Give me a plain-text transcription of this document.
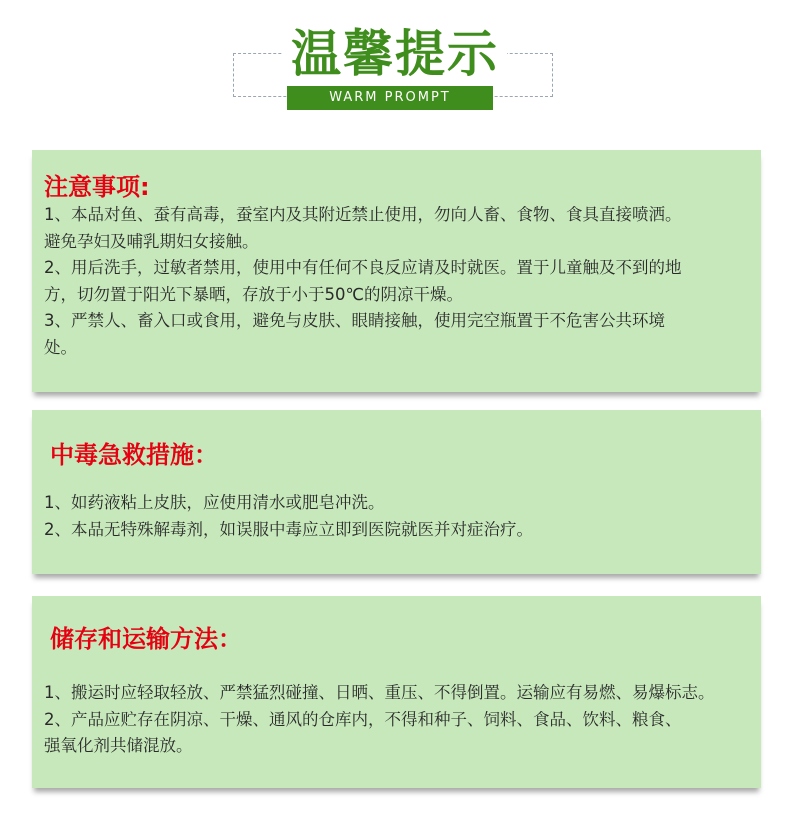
温馨提示
WARM PROMPT
注意事项:

1、本品对鱼、蚕有高毒，蚕室内及其附近禁止使用，勿向人畜、食物、食具直接喷洒。

避免孕妇及哺乳期妇女接触。

2、用后洗手，过敏者禁用，使用中有任何不良反应请及时就医。置于儿童触及不到的地

方，切勿置于阳光下暴晒，存放于小于50℃的阴凉干燥。

3、严禁人、畜入口或食用，避免与皮肤、眼睛接触，使用完空瓶置于不危害公共环境

处。

中毒急救措施：

1、如药液粘上皮肤，应使用清水或肥皂冲洗。

2、本品无特殊解毒剂，如误服中毒应立即到医院就医并对症治疗。

储存和运输方法：

1、搬运时应轻取轻放、严禁猛烈碰撞、日晒、重压、不得倒置。运输应有易燃、易爆标志。

2、产品应贮存在阴凉、干燥、通风的仓库内，不得和种子、饲料、食品、饮料、粮食、

强氧化剂共储混放。
